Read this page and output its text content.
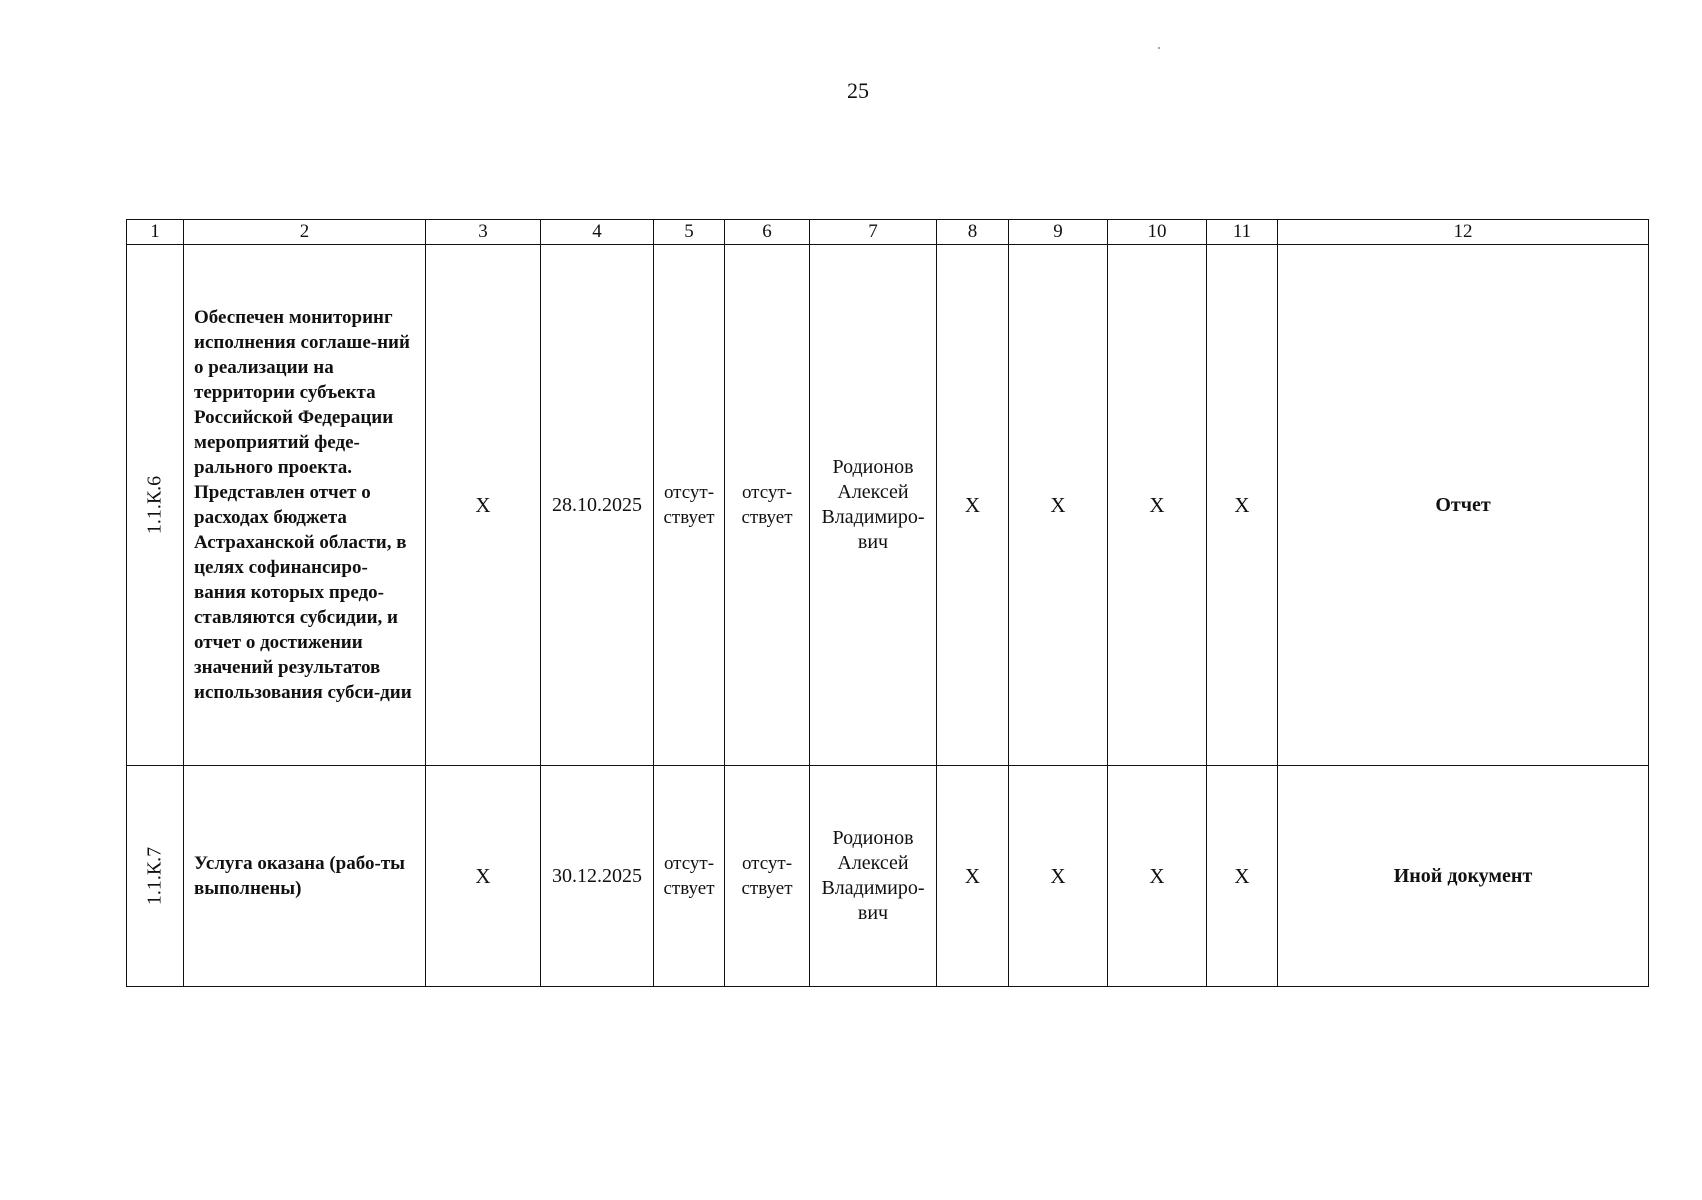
25
1	2	3	4	5	6	7	8	9	10	11	12

1.1.К.6	Обеспечен мониторинг исполнения соглаше-ний о реализации на территории субъекта Российской Федерации мероприятий феде-рального проекта. Представлен отчет о расходах бюджета Астраханской области, в целях софинансиро-вания которых предо-ставляются субсидии, и отчет о достижении значений результатов использования субси-дии	Х	28.10.2025	отсут-ствует	отсут-ствует	Родионов Алексей Владимиро-вич	Х	Х	Х	Х	Отчет

1.1.К.7	Услуга оказана (рабо-ты выполнены)	Х	30.12.2025	отсут-ствует	отсут-ствует	Родионов Алексей Владимиро-вич	Х	Х	Х	Х	Иной документ
